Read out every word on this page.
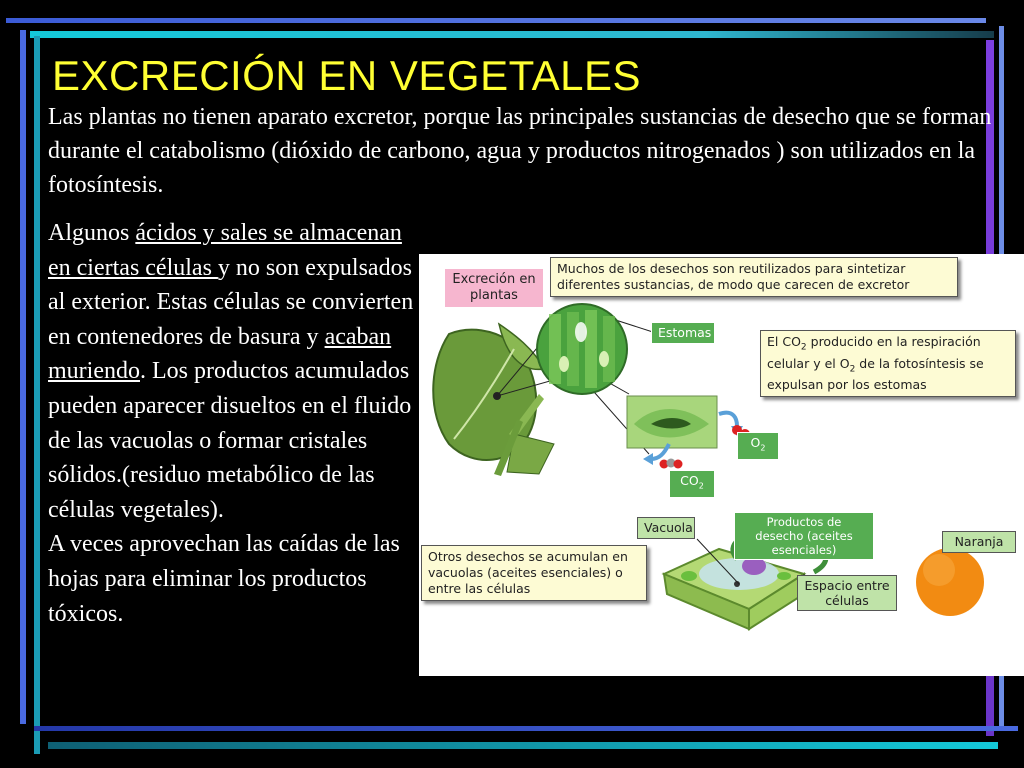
EXCRECIÓN EN VEGETALES
Las plantas no tienen aparato excretor, porque las principales sustancias de desecho que se forman durante el catabolismo (dióxido de carbono, agua y productos nitrogenados ) son utilizados en la fotosíntesis.

Algunos ácidos y sales se almacenan en ciertas células y no son expulsados al exterior. Estas células se convierten en contenedores de basura y acaban muriendo. Los productos acumulados pueden aparecer disueltos en el fluido de las vacuolas o formar cristales sólidos.(residuo metabólico de las células vegetales).

A veces aprovechan las caídas de las hojas para eliminar los productos tóxicos.

Excreción en plantas
Muchos de los desechos son reutilizados para sintetizar diferentes sustancias, de modo que carecen de excretor
Estomas
El $CO_2$ producido en la respiración celular y el $O_2$ de la fotosíntesis se expulsan por los estomas
$O_2$
$CO_2$
Vacuola	Productos de desecho (aceites esenciales)
Naranja
Otros desechos se acumulan en vacuolas (aceites esenciales) o entre las células	Espacio entre células
